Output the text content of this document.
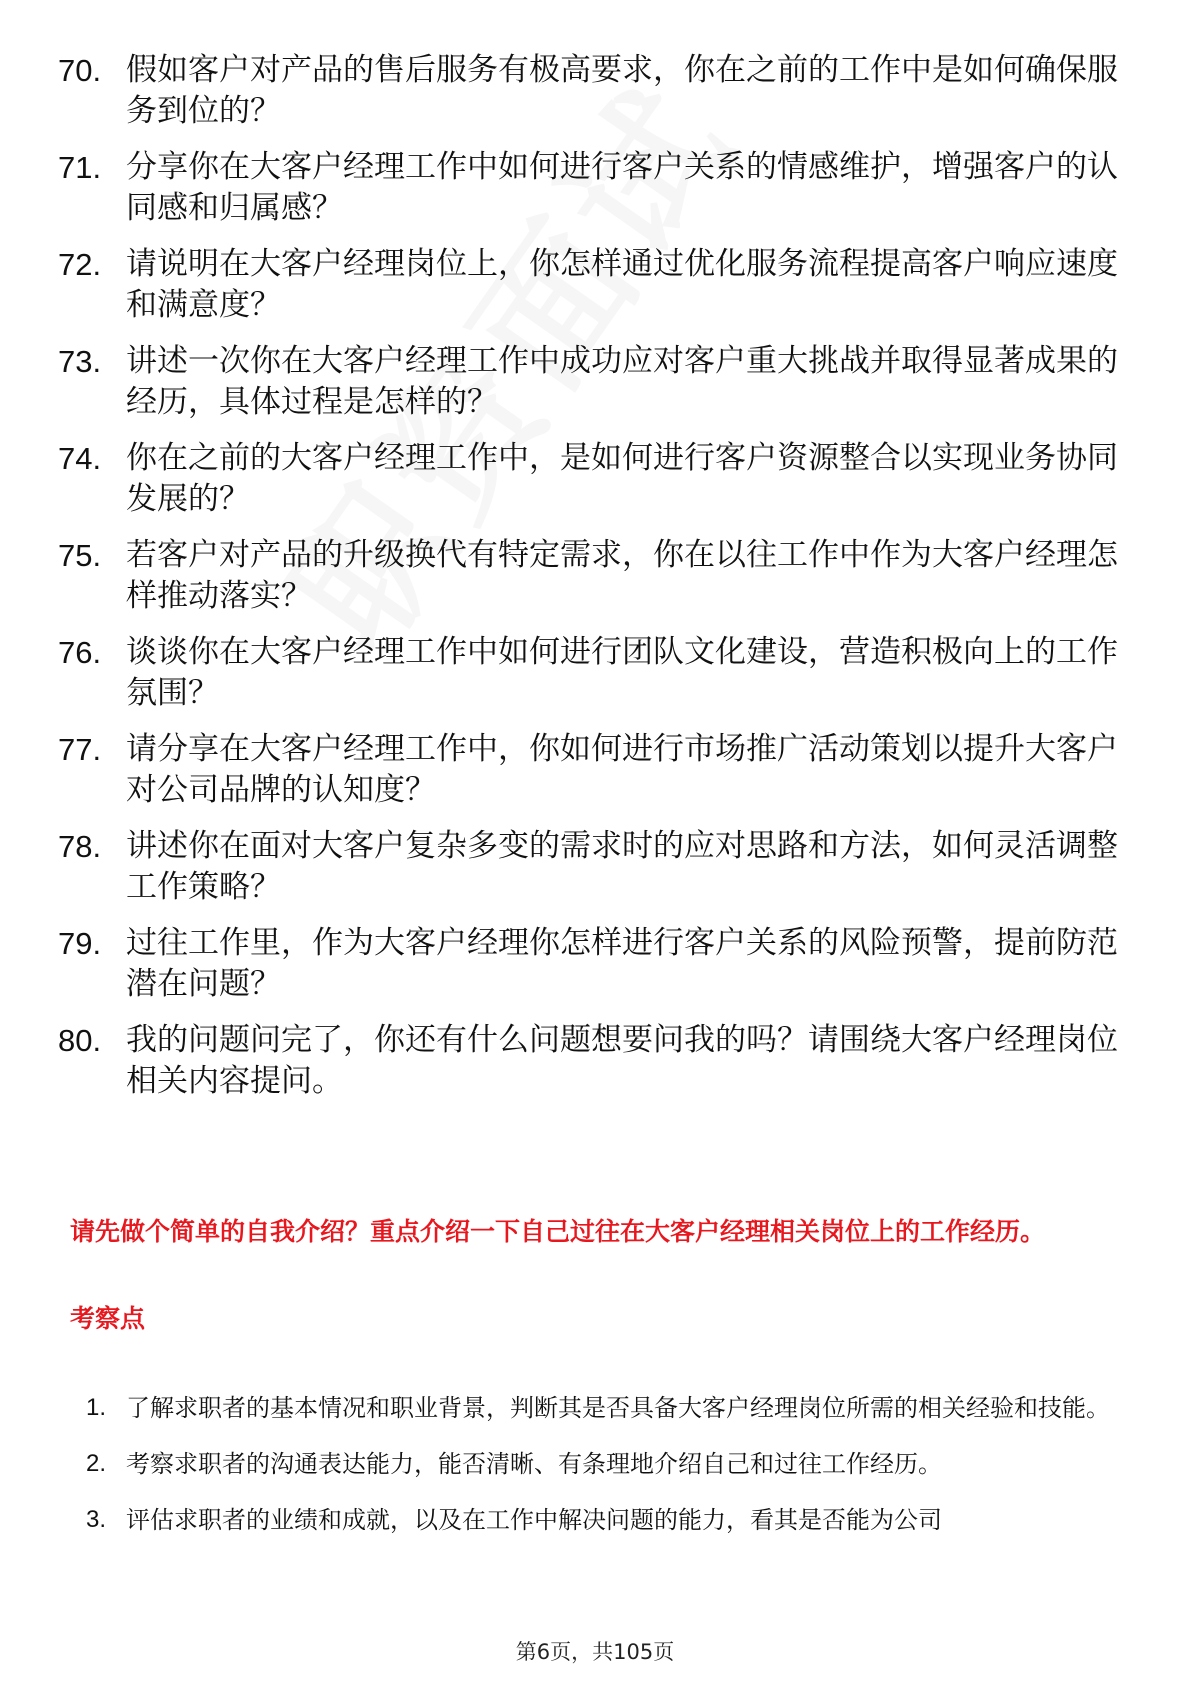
70. 假如客户对产品的售后服务有极高要求，你在之前的工作中是如何确保服务到位的？

71. 分享你在大客户经理工作中如何进行客户关系的情感维护，增强客户的认同感和归属感？

72. 请说明在大客户经理岗位上，你怎样通过优化服务流程提高客户响应速度和满意度？

73. 讲述一次你在大客户经理工作中成功应对客户重大挑战并取得显著成果的经历，具体过程是怎样的？

74. 你在之前的大客户经理工作中，是如何进行客户资源整合以实现业务协同发展的？

75. 若客户对产品的升级换代有特定需求，你在以往工作中作为大客户经理怎样推动落实？

76. 谈谈你在大客户经理工作中如何进行团队文化建设，营造积极向上的工作氛围？

77. 请分享在大客户经理工作中，你如何进行市场推广活动策划以提升大客户对公司品牌的认知度？

78. 讲述你在面对大客户复杂多变的需求时的应对思路和方法，如何灵活调整工作策略？

79. 过往工作里，作为大客户经理你怎样进行客户关系的风险预警，提前防范潜在问题？

80. 我的问题问完了，你还有什么问题想要问我的吗？请围绕大客户经理岗位相关内容提问。

请先做个简单的自我介绍？重点介绍一下自己过往在大客户经理相关岗位上的工作经历。

考察点

1. 了解求职者的基本情况和职业背景，判断其是否具备大客户经理岗位所需的相关经验和技能。
2. 考察求职者的沟通表达能力，能否清晰、有条理地介绍自己和过往工作经历。
3. 评估求职者的业绩和成就，以及在工作中解决问题的能力，看其是否能为公司
第6页，共105页
